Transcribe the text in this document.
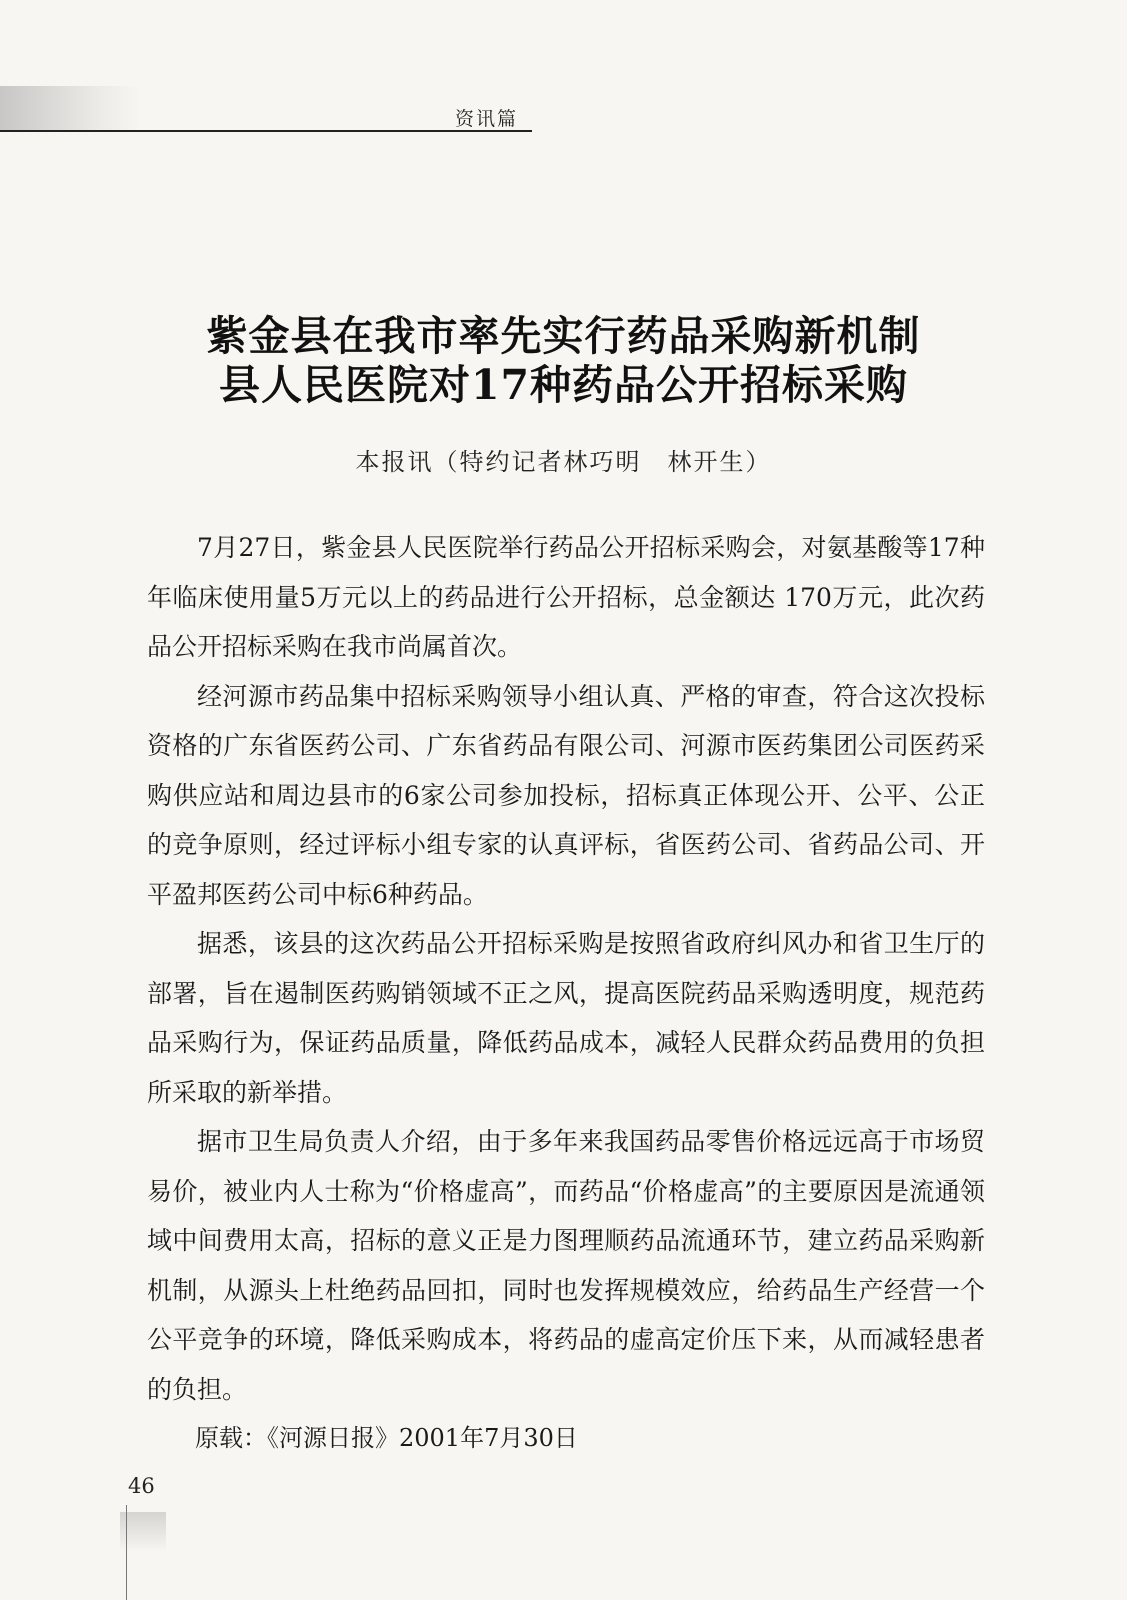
资讯篇
紫金县在我市率先实行药品采购新机制
县人民医院对17种药品公开招标采购
本报讯（特约记者林巧明　林开生）

7月27日，紫金县人民医院举行药品公开招标采购会，对氨基酸等17种年临床使用量5万元以上的药品进行公开招标，总金额达 170万元，此次药品公开招标采购在我市尚属首次。

经河源市药品集中招标采购领导小组认真、严格的审查，符合这次投标资格的广东省医药公司、广东省药品有限公司、河源市医药集团公司医药采购供应站和周边县市的6家公司参加投标，招标真正体现公开、公平、公正的竞争原则，经过评标小组专家的认真评标，省医药公司、省药品公司、开平盈邦医药公司中标6种药品。

据悉，该县的这次药品公开招标采购是按照省政府纠风办和省卫生厅的部署，旨在遏制医药购销领域不正之风，提高医院药品采购透明度，规范药品采购行为，保证药品质量，降低药品成本，减轻人民群众药品费用的负担所采取的新举措。

据市卫生局负责人介绍，由于多年来我国药品零售价格远远高于市场贸易价，被业内人士称为“价格虚高”，而药品“价格虚高”的主要原因是流通领域中间费用太高，招标的意义正是力图理顺药品流通环节，建立药品采购新机制，从源头上杜绝药品回扣，同时也发挥规模效应，给药品生产经营一个公平竞争的环境，降低采购成本，将药品的虚高定价压下来，从而减轻患者的负担。

原载：《河源日报》2001年7月30日

46
